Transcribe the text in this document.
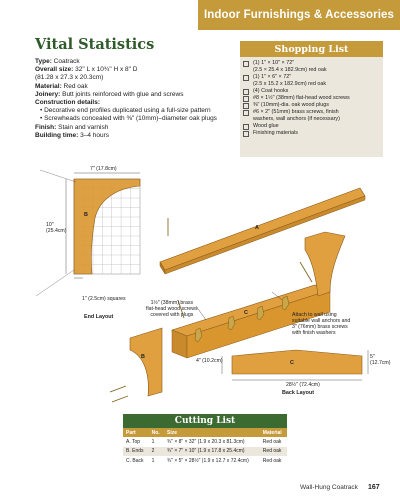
Indoor Furnishings & Accessories
Vital Statistics
Type: Coatrack
Overall size: 32" L x 10¾" H x 8" D
(81.28 x 27.3 x 20.3cm)
Material: Red oak
Joinery: Butt joints reinforced with glue and screws
Construction details:
• Decorative end profiles duplicated using a full-size pattern
• Screwheads concealed with ⅜" (10mm)–diameter oak plugs
Finish: Stain and varnish
Building time: 3–4 hours
Shopping List
(1) 1" × 10" × 72"
(2.5 × 25.4 x 182.9cm) red oak
(1) 1" × 6" × 72"
(2.5 x 15.2 x 182.9cm) red oak
(4) Coat hooks
#8 × 1½" (38mm) flat-head wood screws
⅜" (10mm)-dia. oak wood plugs
#6 × 2" (51mm) brass screws, finish
washers, wall anchors (if necessary)
Wood glue
Finishing materials
7" (17.8cm)
10"
(25.4cm)
1" (2.5cm) squares
B
A
B
C
C
End Layout
Back Layout
1½" (38mm) brass
flat-head wood screws
covered with plugs	Attach to wall using
suitable wall anchors and
3" (76mm) brass screws
with finish washers
4" (10.2cm)
5"
(12.7cm)
28½" (72.4cm)
Cutting List
Part	No.	Size	Material
A. Top	1	¾" × 8" × 32" (1.9 x 20.3 x 81.3cm)	Red oak
B. Ends	2	¾" × 7" × 10" (1.9 x 17.8 x 25.4cm)	Red oak
C. Back	1	¾" × 5" × 28½" (1.9 x 12.7 x 72.4cm)	Red oak
Wall-Hung Coatrack 167
